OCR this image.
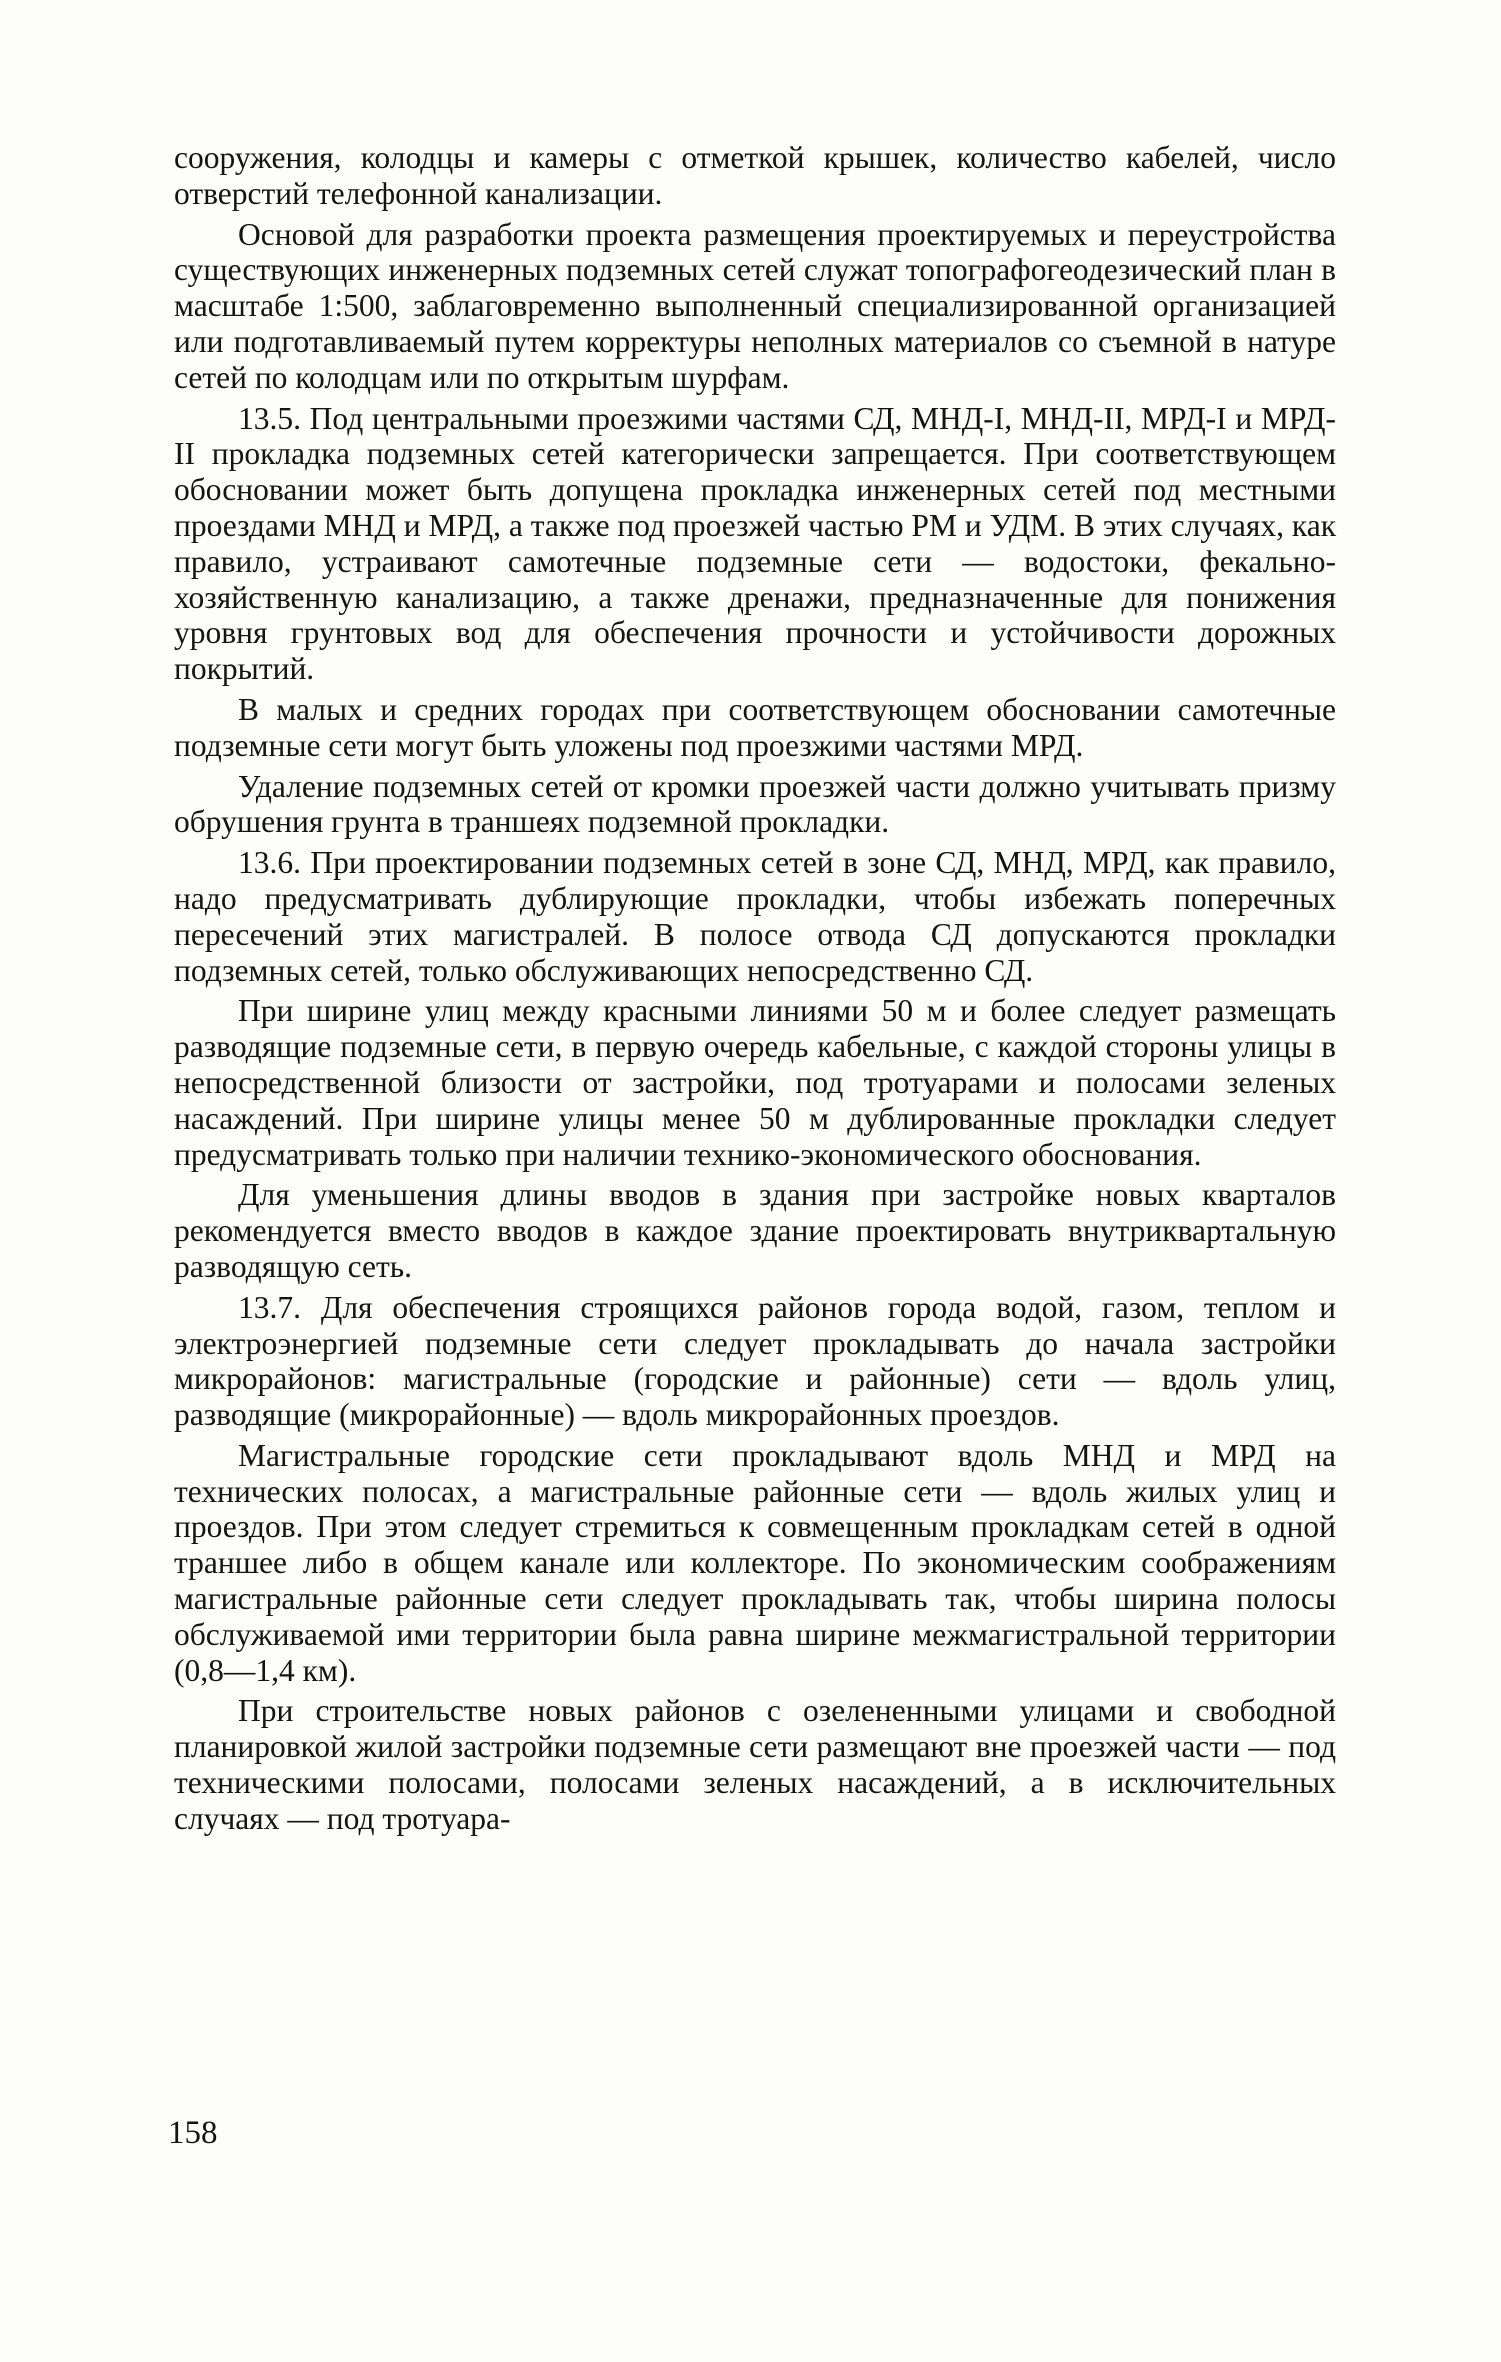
сооружения, колодцы и камеры с отметкой крышек, количество кабелей, число отверстий телефонной канализации.

Основой для разработки проекта размещения проектируемых и переустройства существующих инженерных подземных сетей служат топографогеодезический план в масштабе 1:500, заблаговременно выполненный специализированной организацией или подготавливаемый путем корректуры неполных материалов со съемной в натуре сетей по колодцам или по открытым шурфам.

13.5. Под центральными проезжими частями СД, МНД-I, МНД-II, МРД-I и МРД-II прокладка подземных сетей категорически запрещается. При соответствующем обосновании может быть допущена прокладка инженерных сетей под местными проездами МНД и МРД, а также под проезжей частью РМ и УДМ. В этих случаях, как правило, устраивают самотечные подземные сети — водостоки, фекально-хозяйственную канализацию, а также дренажи, предназначенные для понижения уровня грунтовых вод для обеспечения прочности и устойчивости дорожных покрытий.

В малых и средних городах при соответствующем обосновании самотечные подземные сети могут быть уложены под проезжими частями МРД.

Удаление подземных сетей от кромки проезжей части должно учитывать призму обрушения грунта в траншеях подземной прокладки.

13.6. При проектировании подземных сетей в зоне СД, МНД, МРД, как правило, надо предусматривать дублирующие прокладки, чтобы избежать поперечных пересечений этих магистралей. В полосе отвода СД допускаются прокладки подземных сетей, только обслуживающих непосредственно СД.

При ширине улиц между красными линиями 50 м и более следует размещать разводящие подземные сети, в первую очередь кабельные, с каждой стороны улицы в непосредственной близости от застройки, под тротуарами и полосами зеленых насаждений. При ширине улицы менее 50 м дублированные прокладки следует предусматривать только при наличии технико-экономического обоснования.

Для уменьшения длины вводов в здания при застройке новых кварталов рекомендуется вместо вводов в каждое здание проектировать внутриквартальную разводящую сеть.

13.7. Для обеспечения строящихся районов города водой, газом, теплом и электроэнергией подземные сети следует прокладывать до начала застройки микрорайонов: магистральные (городские и районные) сети — вдоль улиц, разводящие (микрорайонные) — вдоль микрорайонных проездов.

Магистральные городские сети прокладывают вдоль МНД и МРД на технических полосах, а магистральные районные сети — вдоль жилых улиц и проездов. При этом следует стремиться к совмещенным прокладкам сетей в одной траншее либо в общем канале или коллекторе. По экономическим соображениям магистральные районные сети следует прокладывать так, чтобы ширина полосы обслуживаемой ими территории была равна ширине межмагистральной территории (0,8—1,4 км).

При строительстве новых районов с озелененными улицами и свободной планировкой жилой застройки подземные сети размещают вне проезжей части — под техническими полосами, полосами зеленых насаждений, а в исключительных случаях — под тротуара-

158
